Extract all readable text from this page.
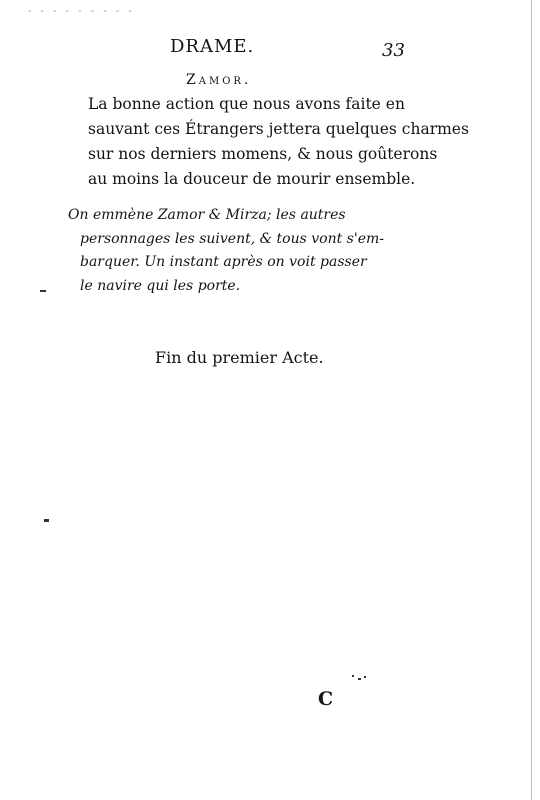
- - - - - - - - -
DRAME.	33
Zamor.

La bonne action que nous avons faite en
sauvant ces Étrangers jettera quelques charmes
sur nos derniers momens, & nous goûterons
au moins la douceur de mourir ensemble.

On emmène Zamor & Mirza; les autres
personnages les suivent, & tous vont s'em-
barquer. Un instant après on voit passer
le navire qui les porte.

Fin du premier Acte.
C
